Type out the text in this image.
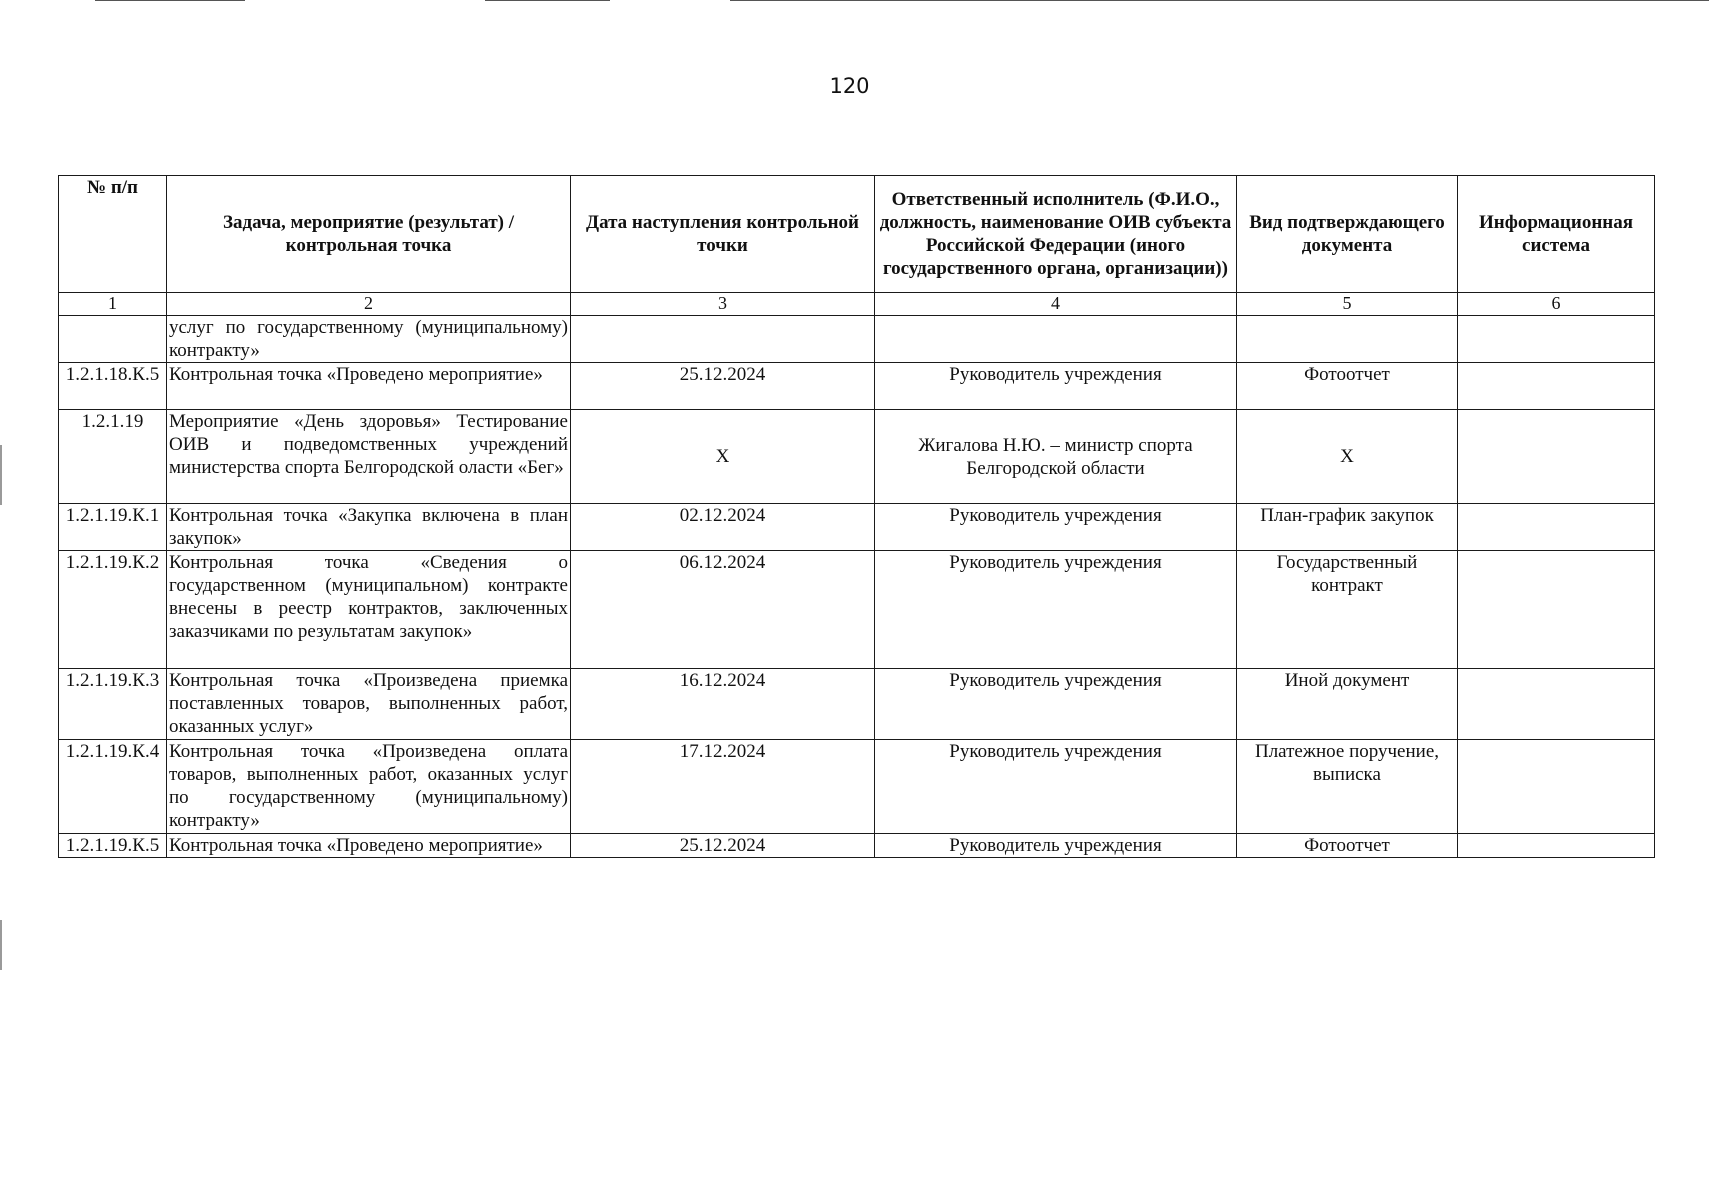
120
№ п/п	Задача, мероприятие (результат) / контрольная точка	Дата наступления контрольной точки	Ответственный исполнитель (Ф.И.О., должность, наименование ОИВ субъекта Российской Федерации (иного государственного органа, организации))	Вид подтверждающего документа	Информационная система
1	2	3	4	5	6
	услуг по государственному (муниципальному) контракту»				
1.2.1.18.К.5	Контрольная точка «Проведено мероприятие»	25.12.2024	Руководитель учреждения	Фотоотчет	
1.2.1.19	Мероприятие «День здоровья» Тестирование ОИВ и подведомственных учреждений министерства спорта Белгородской оласти «Бег»	Х	Жигалова Н.Ю. – министр спорта Белгородской области	Х	
1.2.1.19.К.1	Контрольная точка «Закупка включена в план закупок»	02.12.2024	Руководитель учреждения	План-график закупок	
1.2.1.19.К.2	Контрольная точка «Сведения о государственном (муниципальном) контракте внесены в реестр контрактов, заключенных заказчиками по результатам закупок»	06.12.2024	Руководитель учреждения	Государственный контракт	
1.2.1.19.К.3	Контрольная точка «Произведена приемка поставленных товаров, выполненных работ, оказанных услуг»	16.12.2024	Руководитель учреждения	Иной документ	
1.2.1.19.К.4	Контрольная точка «Произведена оплата товаров, выполненных работ, оказанных услуг по государственному (муниципальному) контракту»	17.12.2024	Руководитель учреждения	Платежное поручение, выписка	
1.2.1.19.К.5	Контрольная точка «Проведено мероприятие»	25.12.2024	Руководитель учреждения	Фотоотчет	
